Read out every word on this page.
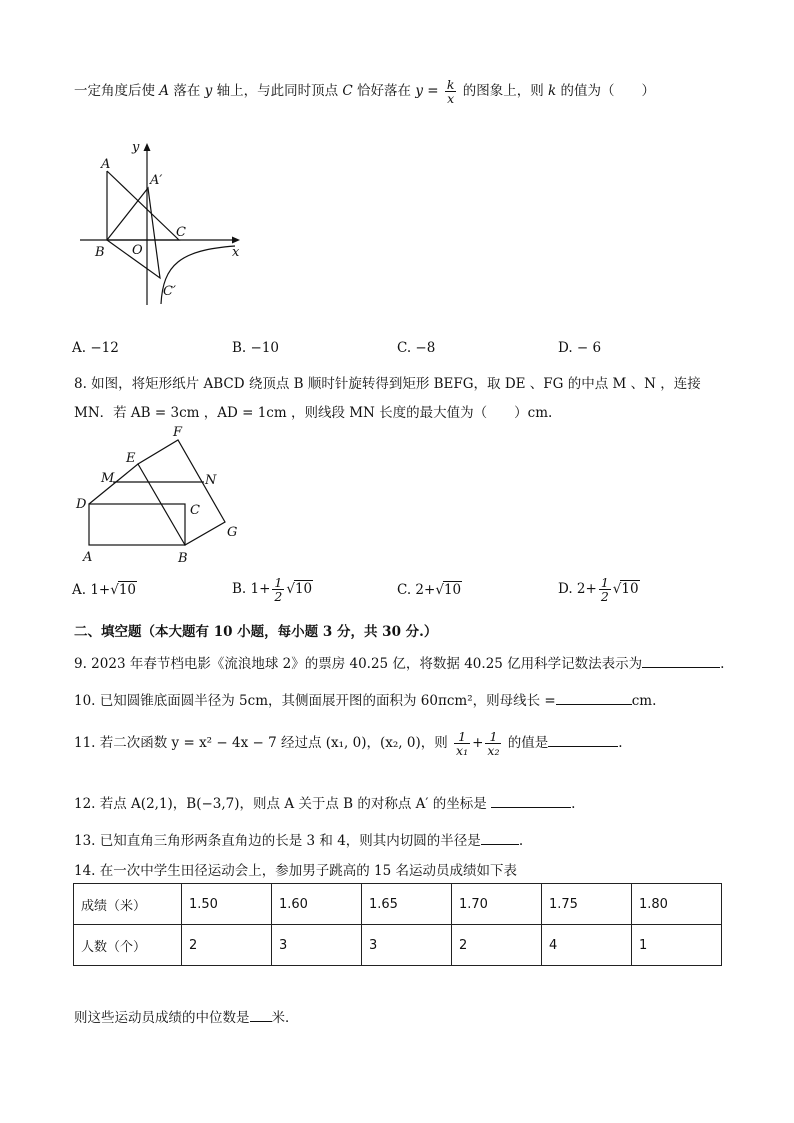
一定角度后使 A 落在 y 轴上，与此同时顶点 C 恰好落在 $y = \frac{k}{x}$ 的图象上，则 k 的值为（　　）
A
A′
y
B O
C
x
C′
A. −12	B. −10	C. −8	D. − 6
8. 如图，将矩形纸片 ABCD 绕顶点 B 顺时针旋转得到矩形 BEFG，取 DE 、FG 的中点 M 、N ，连接
MN．若 AB = 3cm ，AD = 1cm ，则线段 MN 长度的最大值为（　　）cm.
F
E
M	N
D	C
G
A	B
A. 1+√10	B. $1+ \frac{1}{2} √10$	C. 2+√10	D. $2+ \frac{1}{2} √10$
二、填空题（本大题有 10 小题，每小题 3 分，共 30 分.）
9. 2023 年春节档电影《流浪地球 2》的票房 40.25 亿，将数据 40.25 亿用科学记数法表示为	.
10. 已知圆锥底面圆半径为 5cm，其侧面展开图的面积为 60πcm²，则母线长 =	cm.
11. 若二次函数 y = x² − 4x − 7 经过点 (x₁, 0)，(x₂, 0)，则 $\frac{1}{\text{x₁}} + \frac{1}{\text{x₂}}$ 的值是	.
12. 若点 A(2,1)，B(−3,7)，则点 A 关于点 B 的对称点 A′ 的坐标是	.
13. 已知直角三角形两条直角边的长是 3 和 4，则其内切圆的半径是	.
14. 在一次中学生田径运动会上，参加男子跳高的 15 名运动员成绩如下表
成绩（米）	1.50	1.60	1.65	1.70	1.75	1.80
人数（个）	2	3	3	2	4	1
则这些运动员成绩的中位数是 米．
